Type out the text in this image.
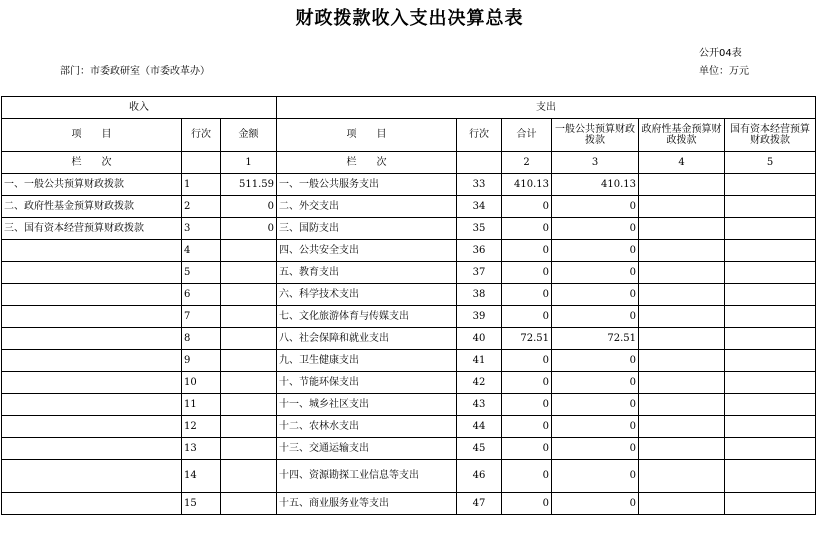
财政拨款收入支出决算总表
公开04表
部门：市委政研室（市委改革办）	单位：万元
收入			支出					
项　　目	行次	金额	项　　目	行次	合计	一般公共预算财政拨款	政府性基金预算财政拨款	国有资本经营预算财政拨款
栏　　次		1	栏　　次		2	3	4	5
一、一般公共预算财政拨款	1	511.59	一、一般公共服务支出	33	410.13	410.13		
二、政府性基金预算财政拨款	2	0	二、外交支出	34	0	0		
三、国有资本经营预算财政拨款	3	0	三、国防支出	35	0	0		
	4		四、公共安全支出	36	0	0		
	5		五、教育支出	37	0	0		
	6		六、科学技术支出	38	0	0		
	7		七、文化旅游体育与传媒支出	39	0	0		
	8		八、社会保障和就业支出	40	72.51	72.51		
	9		九、卫生健康支出	41	0	0		
	10		十、节能环保支出	42	0	0		
	11		十一、城乡社区支出	43	0	0		
	12		十二、农林水支出	44	0	0		
	13		十三、交通运输支出	45	0	0		
	14		十四、资源勘探工业信息等支出	46	0	0		
	15		十五、商业服务业等支出	47	0	0		
